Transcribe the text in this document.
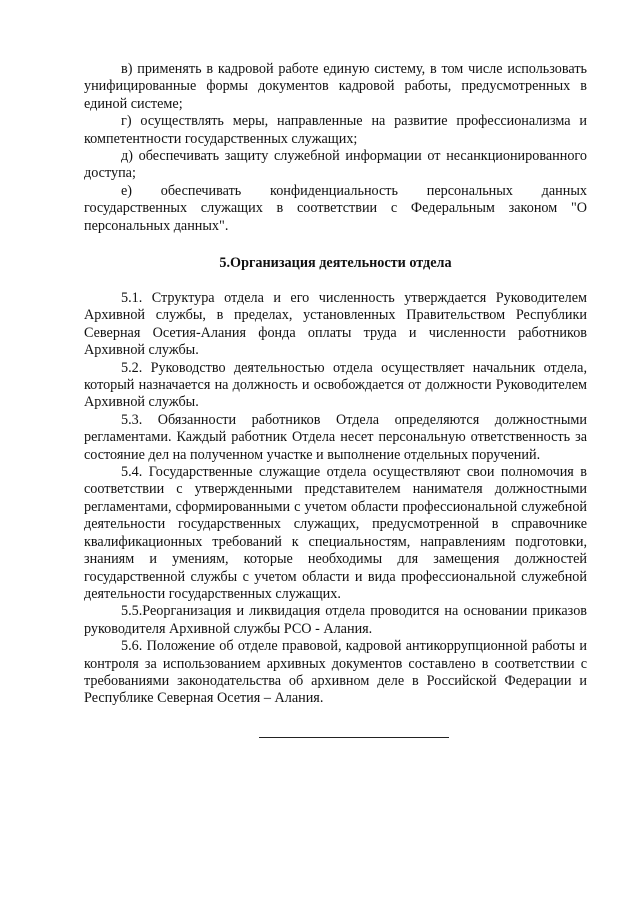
в) применять в кадровой работе единую систему, в том числе использовать унифицированные формы документов кадровой работы, предусмотренных в единой системе;

г) осуществлять меры, направленные на развитие профессионализма и компетентности государственных служащих;

д) обеспечивать защиту служебной информации от несанкционированного доступа;

е) обеспечивать конфиденциальность персональных данных государственных служащих в соответствии с Федеральным законом "О персональных данных".

5.Организация деятельности отдела

5.1. Структура отдела и его численность утверждается Руководителем Архивной службы, в пределах, установленных Правительством Республики Северная Осетия-Алания фонда оплаты труда и численности работников Архивной службы.

5.2. Руководство деятельностью отдела осуществляет начальник отдела, который назначается на должность и освобождается от должности Руководителем Архивной службы.

5.3. Обязанности работников Отдела определяются должностными регламентами. Каждый работник Отдела несет персональную ответственность за состояние дел на полученном участке и выполнение отдельных поручений.

5.4. Государственные служащие отдела осуществляют свои полномочия в соответствии с утвержденными представителем нанимателя должностными регламентами, сформированными с учетом области профессиональной служебной деятельности государственных служащих, предусмотренной в справочнике квалификационных требований к специальностям, направлениям подготовки, знаниям и умениям, которые необходимы для замещения должностей государственной службы с учетом области и вида профессиональной служебной деятельности государственных служащих.

5.5.Реорганизация и ликвидация отдела проводится на основании приказов руководителя Архивной службы РСО - Алания.

5.6. Положение об отделе правовой, кадровой антикоррупционной работы и контроля за использованием архивных документов составлено в соответствии с требованиями законодательства об архивном деле в Российской Федерации и Республике Северная Осетия – Алания.
